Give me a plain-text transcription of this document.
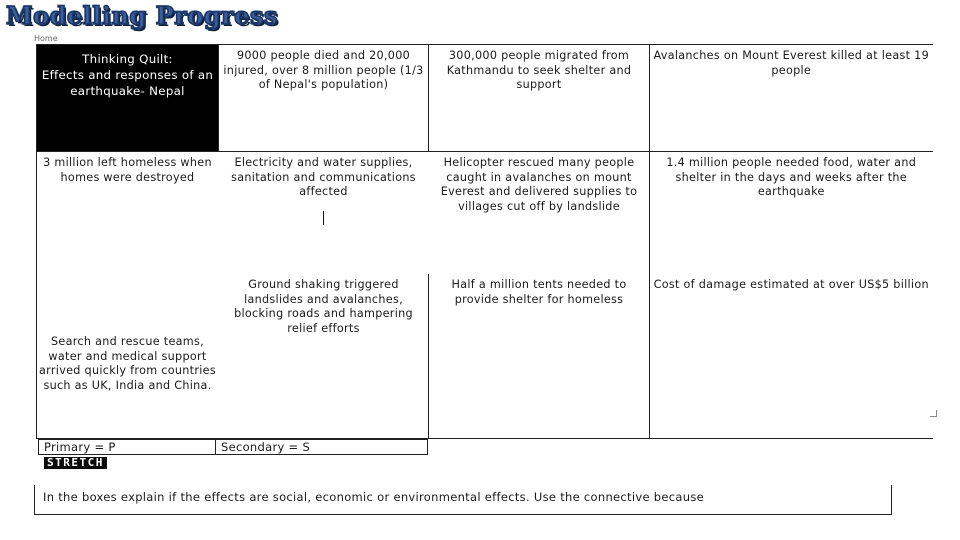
Modelling Progress
Home
Thinking Quilt:
Effects and responses of an earthquake- Nepal	9000 people died and 20,000 injured, over 8 million people (1/3 of Nepal's population)	300,000 people migrated from Kathmandu to seek shelter and support	Avalanches on Mount Everest killed at least 19 people
3 million left homeless when homes were destroyed	Electricity and water supplies, sanitation and communications affected	Helicopter rescued many people caught in avalanches on mount Everest and delivered supplies to villages cut off by landslide	1.4 million people needed food, water and shelter in the days and weeks after the earthquake
Search and rescue teams, water and medical support arrived quickly from countries such as UK, India and China.	Ground shaking triggered landslides and avalanches, blocking roads and hampering relief efforts	Half a million tents needed to provide shelter for homeless	Cost of damage estimated at over US$5 billion
Primary = P	Secondary = S
STRETCH
In the boxes explain if the effects are social, economic or environmental effects. Use the connective because
